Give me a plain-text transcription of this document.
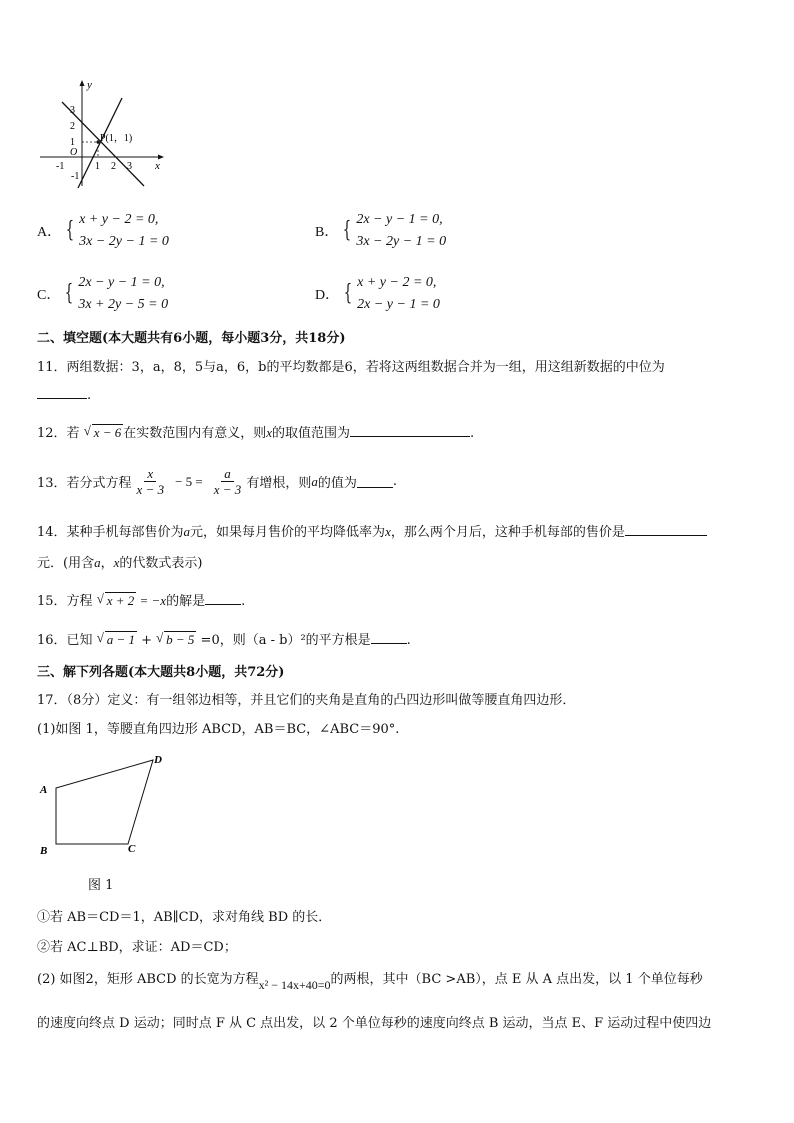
y
x
O
P(1，1)
3
2
1
-1
-1	1 2 3
A． { x + y − 2 = 0,
3x − 2y − 1 = 0
B． { 2x − y − 1 = 0,
3x − 2y − 1 = 0
C． { 2x − y − 1 = 0,
3x + 2y − 5 = 0
D． { x + y − 2 = 0,
2x − y − 1 = 0
二、填空题(本大题共有6小题，每小题3分，共18分)
11．两组数据：3，a，8，5与a，6，b的平均数都是6，若将这两组数据合并为一组，用这组新数据的中位为
.
12．若 √ x − 6 在实数范围内有意义，则x的取值范围为	.
13．若分式方程 $\frac{x}{x - 3} - 5 = \frac{a}{x - 3}$ 有增根，则 a 的值为	.
14．某种手机每部售价为a元，如果每月售价的平均降低率为x，那么两个月后，这种手机每部的售价是
元．(用含a，x的代数式表示)
15．方程 √ x + 2 = −x的解是	.
16．已知 √ a − 1 + √ b − 5 =0，则（a - b）²的平方根是	.
三、解下列各题(本大题共8小题，共72分)
17．（8分）定义：有一组邻边相等，并且它们的夹角是直角的凸四边形叫做等腰直角四边形．
(1)如图 1，等腰直角四边形 ABCD，AB＝BC，∠ABC＝90°.
A
B	C
D
图 1
①若 AB＝CD＝1，AB∥CD，求对角线 BD 的长．
②若 AC⊥BD，求证：AD＝CD；
(2) 如图2，矩形 ABCD 的长宽为方程x² − 14x+40=0的两根，其中（BC >AB），点 E 从 A 点出发，以 1 个单位每秒
的速度向终点 D 运动；同时点 F 从 C 点出发，以 2 个单位每秒的速度向终点 B 运动，当点 E、F 运动过程中使四边
